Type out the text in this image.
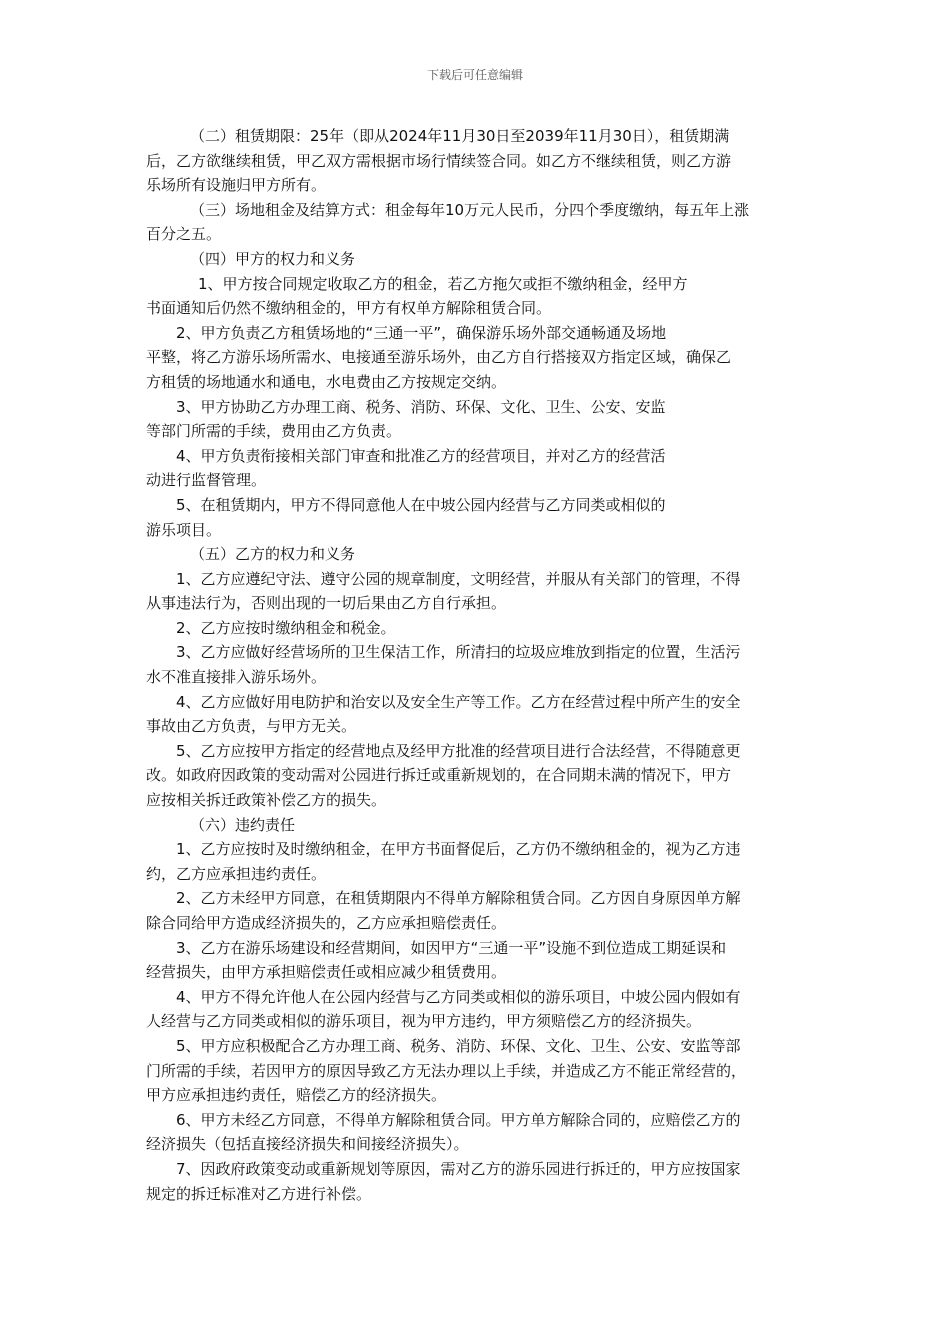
下载后可任意编辑
（二）租赁期限：25年（即从2024年11月30日至2039年11月30日），租赁期满
后，乙方欲继续租赁，甲乙双方需根据市场行情续签合同。如乙方不继续租赁，则乙方游
乐场所有设施归甲方所有。
（三）场地租金及结算方式：租金每年10万元人民币，分四个季度缴纳，每五年上涨
百分之五。
（四）甲方的权力和义务
1、甲方按合同规定收取乙方的租金，若乙方拖欠或拒不缴纳租金，经甲方
书面通知后仍然不缴纳租金的，甲方有权单方解除租赁合同。
2、甲方负责乙方租赁场地的“三通一平”，确保游乐场外部交通畅通及场地
平整，将乙方游乐场所需水、电接通至游乐场外，由乙方自行搭接双方指定区域，确保乙
方租赁的场地通水和通电，水电费由乙方按规定交纳。
3、甲方协助乙方办理工商、税务、消防、环保、文化、卫生、公安、安监
等部门所需的手续，费用由乙方负责。
4、甲方负责衔接相关部门审查和批准乙方的经营项目，并对乙方的经营活
动进行监督管理。
5、在租赁期内，甲方不得同意他人在中坡公园内经营与乙方同类或相似的
游乐项目。
（五）乙方的权力和义务
1、乙方应遵纪守法、遵守公园的规章制度，文明经营，并服从有关部门的管理，不得
从事违法行为，否则出现的一切后果由乙方自行承担。
2、乙方应按时缴纳租金和税金。
3、乙方应做好经营场所的卫生保洁工作，所清扫的垃圾应堆放到指定的位置，生活污
水不准直接排入游乐场外。
4、乙方应做好用电防护和治安以及安全生产等工作。乙方在经营过程中所产生的安全
事故由乙方负责，与甲方无关。
5、乙方应按甲方指定的经营地点及经甲方批准的经营项目进行合法经营，不得随意更
改。如政府因政策的变动需对公园进行拆迁或重新规划的，在合同期未满的情况下，甲方
应按相关拆迁政策补偿乙方的损失。
（六）违约责任
1、乙方应按时及时缴纳租金，在甲方书面督促后，乙方仍不缴纳租金的，视为乙方违
约，乙方应承担违约责任。
2、乙方未经甲方同意，在租赁期限内不得单方解除租赁合同。乙方因自身原因单方解
除合同给甲方造成经济损失的，乙方应承担赔偿责任。
3、乙方在游乐场建设和经营期间，如因甲方“三通一平”设施不到位造成工期延误和
经营损失，由甲方承担赔偿责任或相应减少租赁费用。
4、甲方不得允许他人在公园内经营与乙方同类或相似的游乐项目，中坡公园内假如有
人经营与乙方同类或相似的游乐项目，视为甲方违约，甲方须赔偿乙方的经济损失。
5、甲方应积极配合乙方办理工商、税务、消防、环保、文化、卫生、公安、安监等部
门所需的手续，若因甲方的原因导致乙方无法办理以上手续，并造成乙方不能正常经营的，
甲方应承担违约责任，赔偿乙方的经济损失。
6、甲方未经乙方同意，不得单方解除租赁合同。甲方单方解除合同的，应赔偿乙方的
经济损失（包括直接经济损失和间接经济损失）。
7、因政府政策变动或重新规划等原因，需对乙方的游乐园进行拆迁的，甲方应按国家
规定的拆迁标准对乙方进行补偿。
